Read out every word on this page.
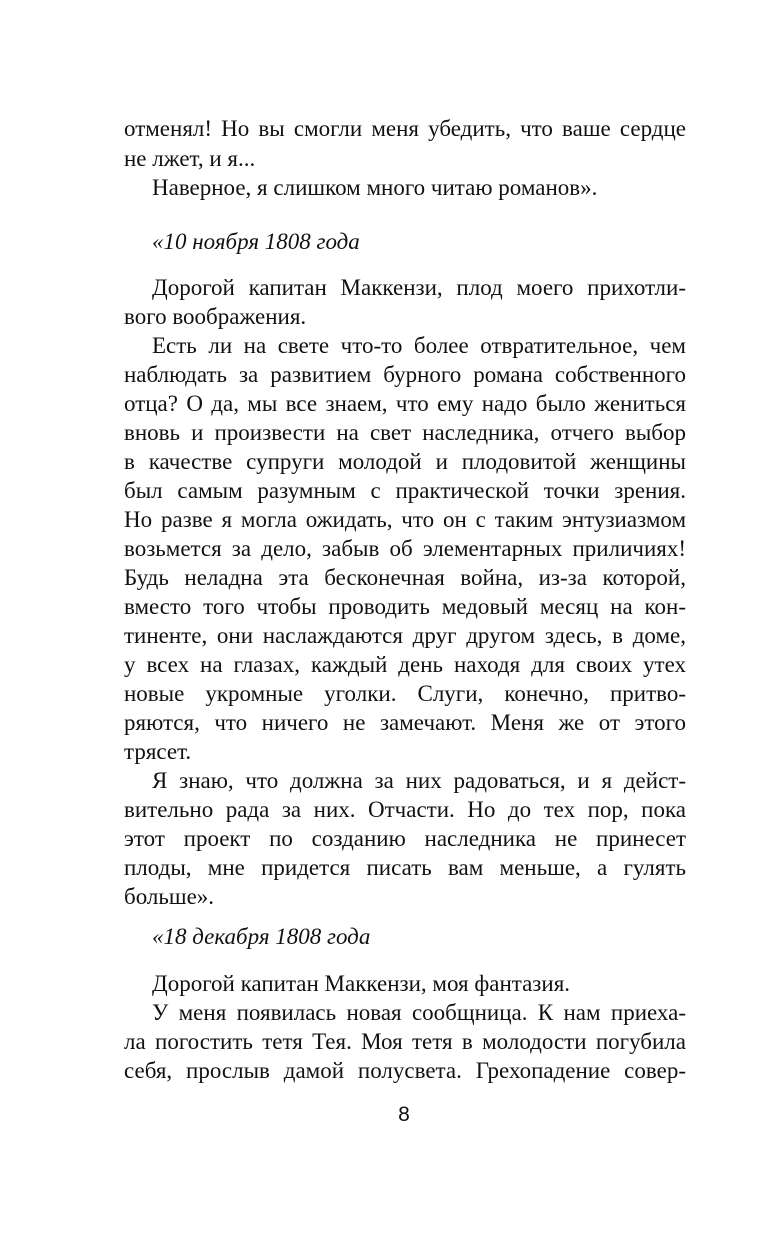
отменял! Но вы смогли меня убедить, что ваше сердце
не лжет, и я...
Наверное, я слишком много читаю романов».
«10 ноября 1808 года
Дорогой капитан Маккензи, плод моего прихотли-
вого воображения.
Есть ли на свете что-то более отвратительное, чем
наблюдать за развитием бурного романа собственного
отца? О да, мы все знаем, что ему надо было жениться
вновь и произвести на свет наследника, отчего выбор
в качестве супруги молодой и плодовитой женщины
был самым разумным с практической точки зрения.
Но разве я могла ожидать, что он с таким энтузиазмом
возьмется за дело, забыв об элементарных приличиях!
Будь неладна эта бесконечная война, из-за которой,
вместо того чтобы проводить медовый месяц на кон-
тиненте, они наслаждаются друг другом здесь, в доме,
у всех на глазах, каждый день находя для своих утех
новые укромные уголки. Слуги, конечно, притво-
ряются, что ничего не замечают. Меня же от этого
трясет.
Я знаю, что должна за них радоваться, и я дейст-
вительно рада за них. Отчасти. Но до тех пор, пока
этот проект по созданию наследника не принесет
плоды, мне придется писать вам меньше, а гулять
больше».
«18 декабря 1808 года
Дорогой капитан Маккензи, моя фантазия.
У меня появилась новая сообщница. К нам приеха-
ла погостить тетя Тея. Моя тетя в молодости погубила
себя, прослыв дамой полусвета. Грехопадение совер-
8
